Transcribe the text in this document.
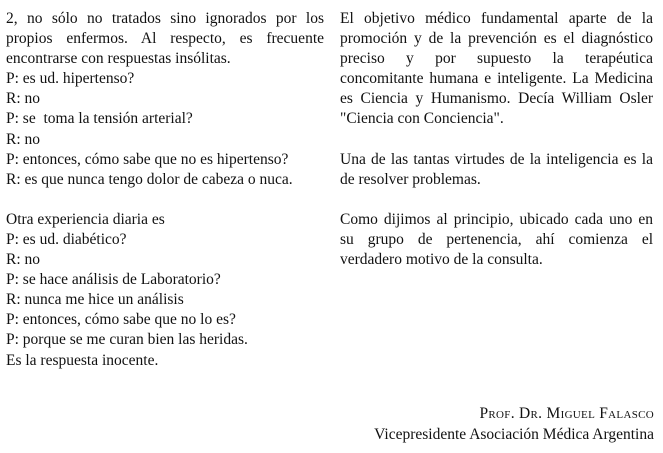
2, no sólo no tratados sino ignorados por los propios enfermos. Al respecto, es frecuente encontrarse con respuestas insólitas.
P: es ud. hipertenso?
R: no
P: se  toma la tensión arterial?
R: no
P: entonces, cómo sabe que no es hipertenso?
R: es que nunca tengo dolor de cabeza o nuca.
Otra experiencia diaria es
P: es ud. diabético?
R: no
P: se hace análisis de Laboratorio?
R: nunca me hice un análisis
P: entonces, cómo sabe que no lo es?
P: porque se me curan bien las heridas.
Es la respuesta inocente.
El objetivo médico fundamental aparte de la promoción y de la prevención es el diagnóstico preciso y por supuesto la terapéutica concomitante humana e inteligente. La Medicina es Ciencia y Humanismo. Decía William Osler "Ciencia con Conciencia".
Una de las tantas virtudes de la inteligencia es la de resolver problemas.
Como dijimos al principio, ubicado cada uno en su grupo de pertenencia, ahí comienza el verdadero motivo de la consulta.
Prof. Dr. Miguel Falasco
Vicepresidente Asociación Médica Argentina
